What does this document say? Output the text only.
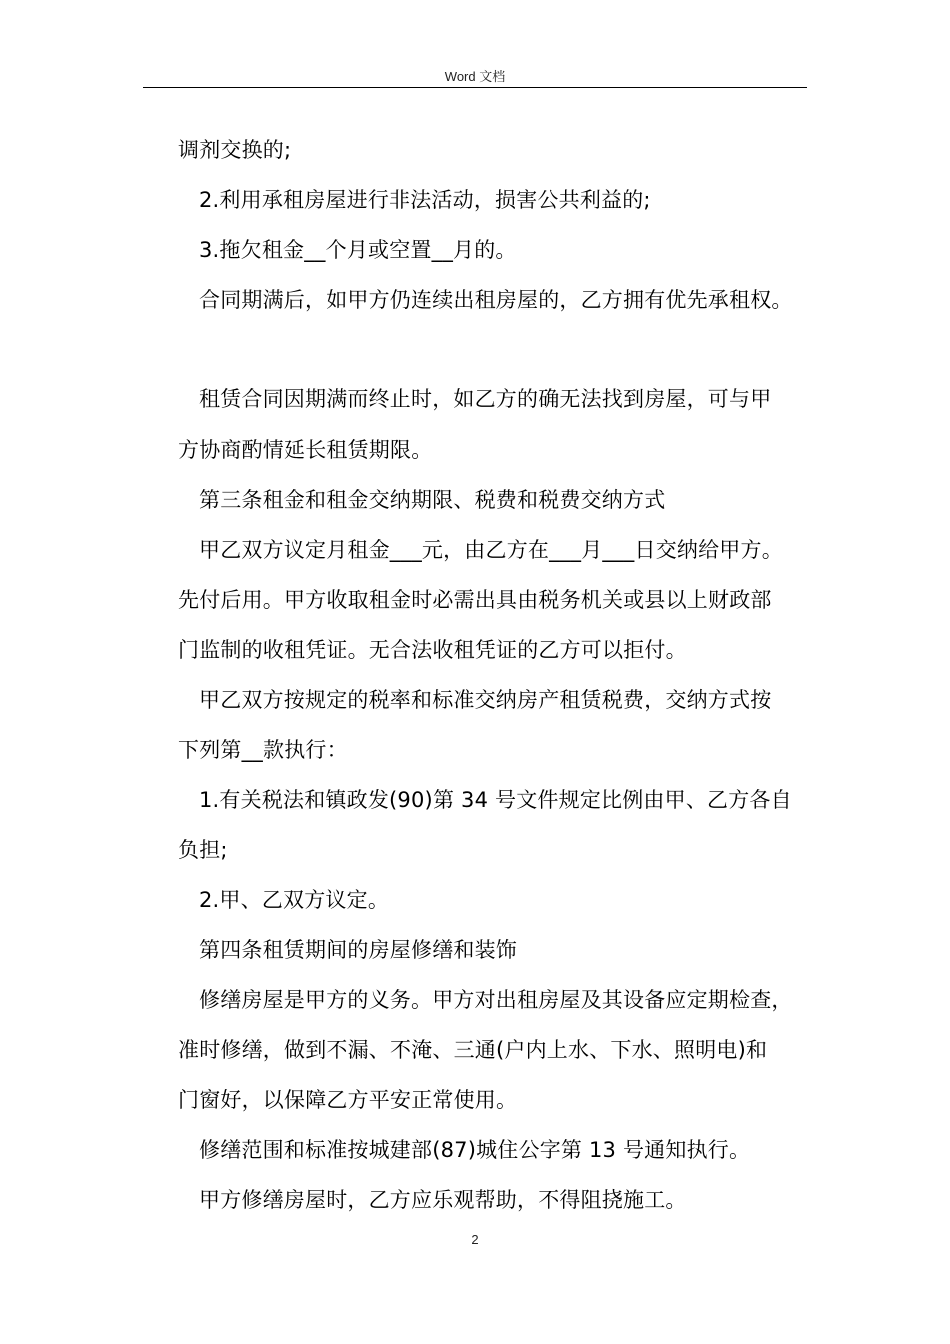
Word 文档
调剂交换的;
2.利用承租房屋进行非法活动，损害公共利益的;
3.拖欠租金__个月或空置__月的。
合同期满后，如甲方仍连续出租房屋的，乙方拥有优先承租权。
租赁合同因期满而终止时，如乙方的确无法找到房屋，可与甲
方协商酌情延长租赁期限。
第三条租金和租金交纳期限、税费和税费交纳方式
甲乙双方议定月租金___元，由乙方在___月___日交纳给甲方。
先付后用。甲方收取租金时必需出具由税务机关或县以上财政部
门监制的收租凭证。无合法收租凭证的乙方可以拒付。
甲乙双方按规定的税率和标准交纳房产租赁税费，交纳方式按
下列第__款执行：
1.有关税法和镇政发(90)第 34 号文件规定比例由甲、乙方各自
负担;
2.甲、乙双方议定。
第四条租赁期间的房屋修缮和装饰
修缮房屋是甲方的义务。甲方对出租房屋及其设备应定期检查，
准时修缮，做到不漏、不淹、三通(户内上水、下水、照明电)和
门窗好，以保障乙方平安正常使用。
修缮范围和标准按城建部(87)城住公字第 13 号通知执行。
甲方修缮房屋时，乙方应乐观帮助，不得阻挠施工。
2
